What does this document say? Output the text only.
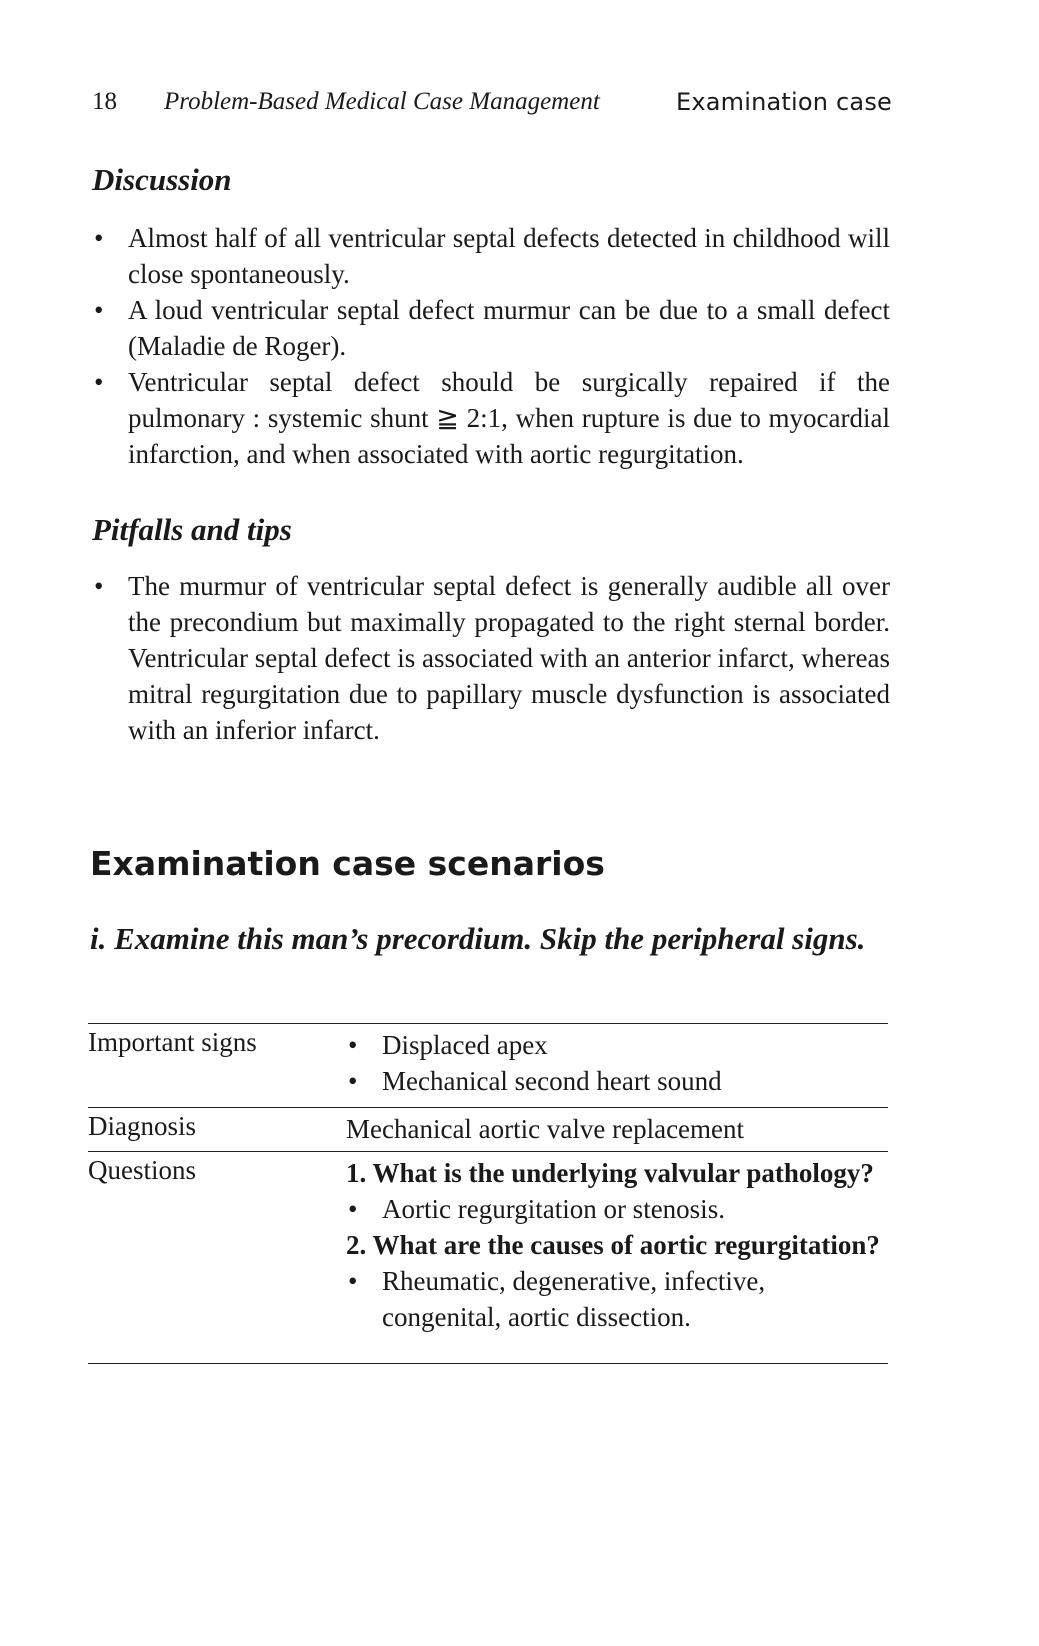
18 Problem-Based Medical Case Management	Examination case
Discussion
• Almost half of all ventricular septal defects detected in childhood will close spontaneously.
• A loud ventricular septal defect murmur can be due to a small defect (Maladie de Roger).
• Ventricular septal defect should be surgically repaired if the pulmonary : systemic shunt ≧ 2:1, when rupture is due to myocardial infarction, and when associated with aortic regurgitation.
Pitfalls and tips
• The murmur of ventricular septal defect is generally audible all over the precondium but maximally propagated to the right sternal border. Ventricular septal defect is associated with an anterior infarct, whereas mitral regurgitation due to papillary muscle dysfunction is associated with an inferior infarct.
Examination case scenarios
i. Examine this man’s precordium. Skip the peripheral signs.
Important signs	• Displaced apex
• Mechanical second heart sound
Diagnosis	Mechanical aortic valve replacement
Questions	1. What is the underlying valvular pathology?
• Aortic regurgitation or stenosis.
2. What are the causes of aortic regurgitation?
• Rheumatic, degenerative, infective, congenital, aortic dissection.
